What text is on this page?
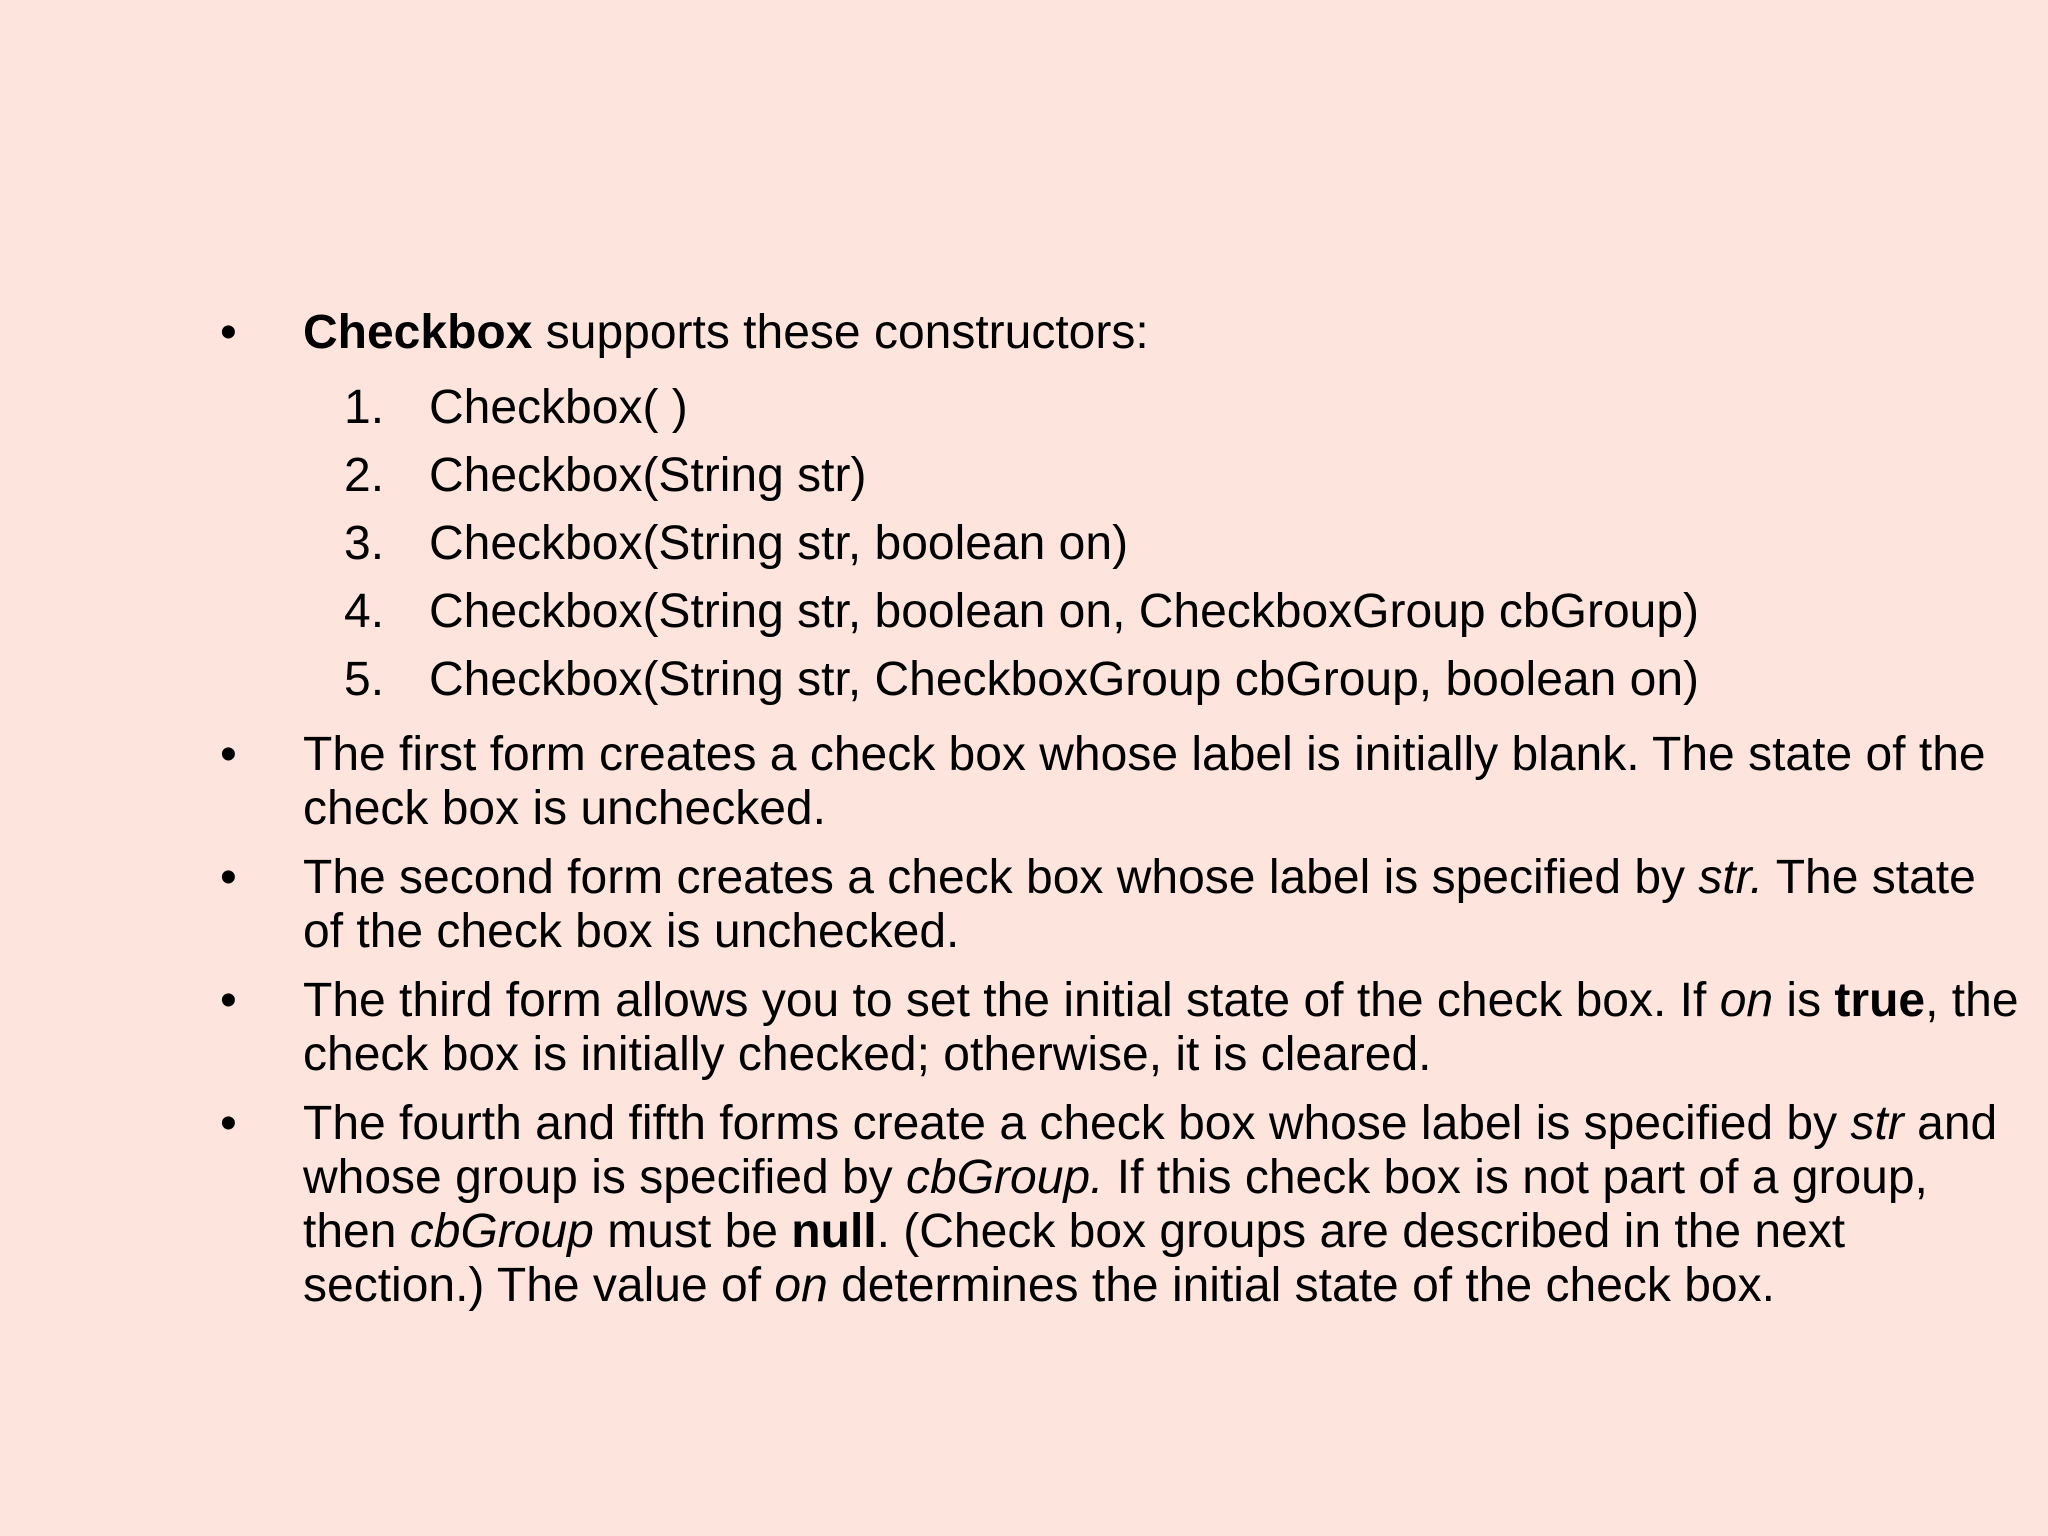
• Checkbox supports these constructors:
1. Checkbox( )
2. Checkbox(String str)
3. Checkbox(String str, boolean on)
4. Checkbox(String str, boolean on, CheckboxGroup cbGroup)
5. Checkbox(String str, CheckboxGroup cbGroup, boolean on)
• The first form creates a check box whose label is initially blank. The state of the check box is unchecked.
• The second form creates a check box whose label is specified by str. The state of the check box is unchecked.
• The third form allows you to set the initial state of the check box. If on is true, the check box is initially checked; otherwise, it is cleared.
• The fourth and fifth forms create a check box whose label is specified by str and whose group is specified by cbGroup. If this check box is not part of a group, then cbGroup must be null. (Check box groups are described in the next section.) The value of on determines the initial state of the check box.
